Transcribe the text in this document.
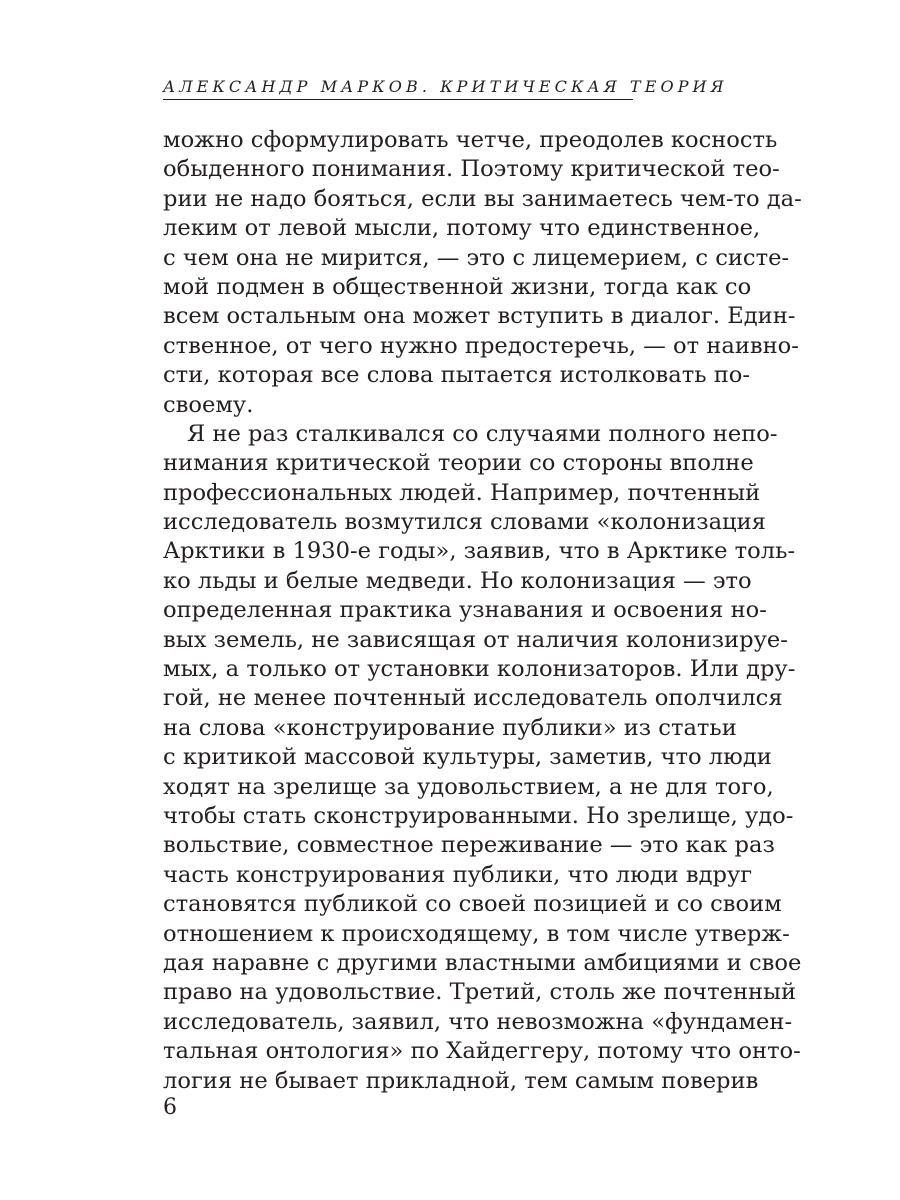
АЛЕКСАНДР МАРКОВ. КРИТИЧЕСКАЯ ТЕОРИЯ
можно сформулировать четче, преодолев косность
обыденного понимания. Поэтому критической тео-
рии не надо бояться, если вы занимаетесь чем-то да-
леким от левой мысли, потому что единственное,
с чем она не мирится, — это с лицемерием, с систе-
мой подмен в общественной жизни, тогда как со
всем остальным она может вступить в диалог. Един-
ственное, от чего нужно предостеречь, — от наивно-
сти, которая все слова пытается истолковать по-
своему.
Я не раз сталкивался со случаями полного непо-
нимания критической теории со стороны вполне
профессиональных людей. Например, почтенный
исследователь возмутился словами «колонизация
Арктики в 1930-е годы», заявив, что в Арктике толь-
ко льды и белые медведи. Но колонизация — это
определенная практика узнавания и освоения но-
вых земель, не зависящая от наличия колонизируе-
мых, а только от установки колонизаторов. Или дру-
гой, не менее почтенный исследователь ополчился
на слова «конструирование публики» из статьи
с критикой массовой культуры, заметив, что люди
ходят на зрелище за удовольствием, а не для того,
чтобы стать сконструированными. Но зрелище, удо-
вольствие, совместное переживание — это как раз
часть конструирования публики, что люди вдруг
становятся публикой со своей позицией и со своим
отношением к происходящему, в том числе утверж-
дая наравне с другими властными амбициями и свое
право на удовольствие. Третий, столь же почтенный
исследователь, заявил, что невозможна «фундамен-
тальная онтология» по Хайдеггеру, потому что онто-
логия не бывает прикладной, тем самым поверив
6
